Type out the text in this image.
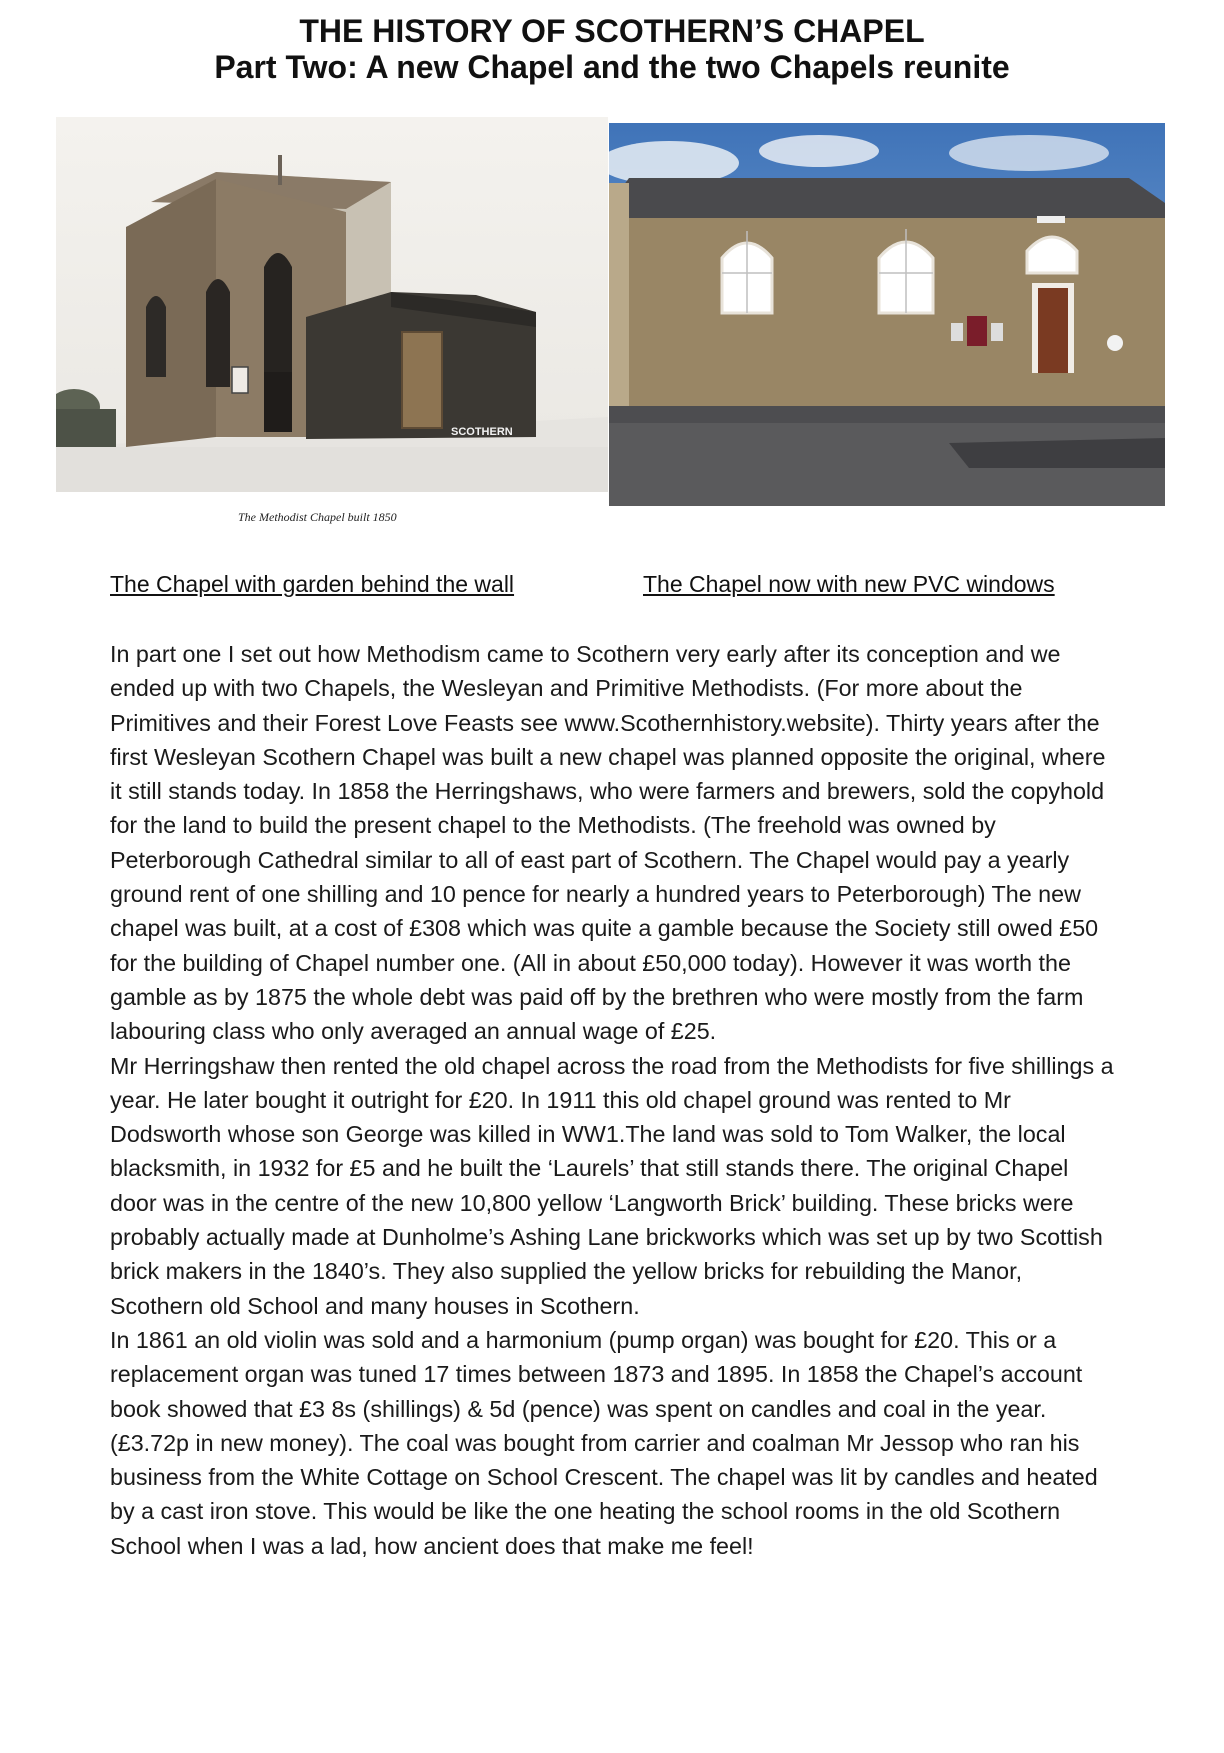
THE HISTORY OF SCOTHERN’S CHAPEL
Part Two: A new Chapel and the two Chapels reunite
SCOTHERN
The Methodist Chapel built 1850
The Chapel with garden behind the wall	The Chapel now with new PVC windows

In part one I set out how Methodism came to Scothern very early after its conception and we ended up with two Chapels, the Wesleyan and Primitive Methodists. (For more about the Primitives and their Forest Love Feasts see www.Scothernhistory.website). Thirty years after the first Wesleyan Scothern Chapel was built a new chapel was planned opposite the original, where it still stands today. In 1858 the Herringshaws, who were farmers and brewers, sold the copyhold for the land to build the present chapel to the Methodists. (The freehold was owned by Peterborough Cathedral similar to all of east part of Scothern. The Chapel would pay a yearly ground rent of one shilling and 10 pence for nearly a hundred years to Peterborough) The new chapel was built, at a cost of £308 which was quite a gamble because the Society still owed £50 for the building of Chapel number one. (All in about £50,000 today). However it was worth the gamble as by 1875 the whole debt was paid off by the brethren who were mostly from the farm labouring class who only averaged an annual wage of £25.

Mr Herringshaw then rented the old chapel across the road from the Methodists for five shillings a year. He later bought it outright for £20. In 1911 this old chapel ground was rented to Mr Dodsworth whose son George was killed in WW1.The land was sold to Tom Walker, the local blacksmith, in 1932 for £5 and he built the ‘Laurels’ that still stands there. The original Chapel door was in the centre of the new 10,800 yellow ‘Langworth Brick’ building. These bricks were probably actually made at Dunholme’s Ashing Lane brickworks which was set up by two Scottish brick makers in the 1840’s. They also supplied the yellow bricks for rebuilding the Manor, Scothern old School and many houses in Scothern.

In 1861 an old violin was sold and a harmonium (pump organ) was bought for £20. This or a replacement organ was tuned 17 times between 1873 and 1895. In 1858 the Chapel’s account book showed that £3 8s (shillings) & 5d (pence) was spent on candles and coal in the year.(£3.72p in new money). The coal was bought from carrier and coalman Mr Jessop who ran his business from the White Cottage on School Crescent. The chapel was lit by candles and heated by a cast iron stove. This would be like the one heating the school rooms in the old Scothern School when I was a lad, how ancient does that make me feel!
